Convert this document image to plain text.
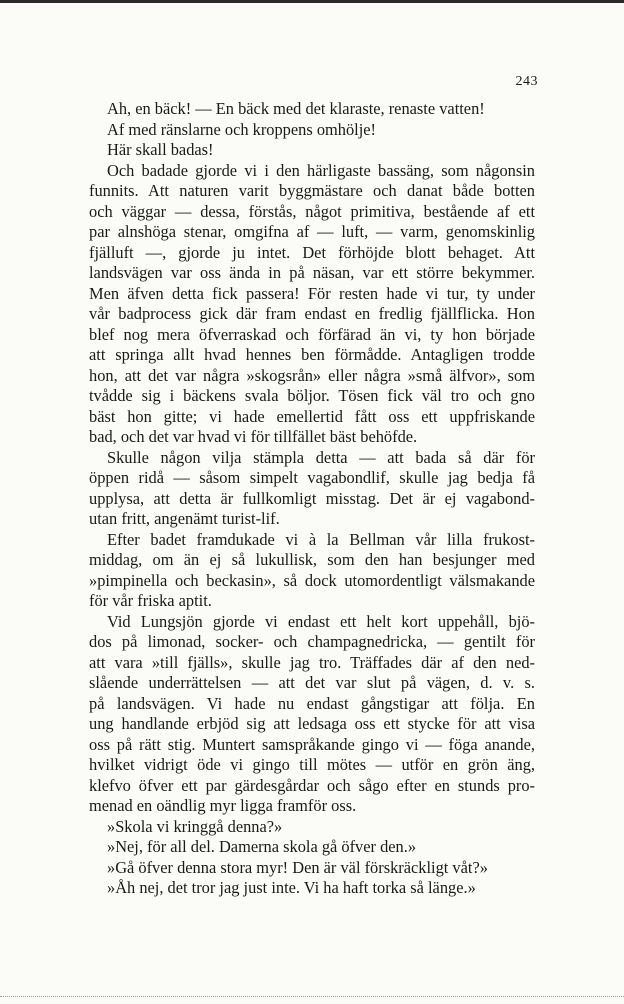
243
Ah, en bäck! — En bäck med det klaraste, renaste vatten!
Af med ränslarne och kroppens omhölje!
Här skall badas!
Och badade gjorde vi i den härligaste bassäng, som någonsin
funnits. Att naturen varit byggmästare och danat både botten
och väggar — dessa, förstås, något primitiva, bestående af ett
par alnshöga stenar, omgifna af — luft, — varm, genomskinlig
fjälluft —, gjorde ju intet. Det förhöjde blott behaget. Att
landsvägen var oss ända in på näsan, var ett större bekymmer.
Men äfven detta fick passera! För resten hade vi tur, ty under
vår badprocess gick där fram endast en fredlig fjällflicka. Hon
blef nog mera öfverraskad och förfärad än vi, ty hon började
att springa allt hvad hennes ben förmådde. Antagligen trodde
hon, att det var några »skogsrån» eller några »små älfvor», som
tvådde sig i bäckens svala böljor. Tösen fick väl tro och gno
bäst hon gitte; vi hade emellertid fått oss ett uppfriskande
bad, och det var hvad vi för tillfället bäst behöfde.
Skulle någon vilja stämpla detta — att bada så där för
öppen ridå — såsom simpelt vagabondlif, skulle jag bedja få
upplysa, att detta är fullkomligt misstag. Det är ej vagabond-
utan fritt, angenämt turist-lif.
Efter badet framdukade vi à la Bellman vår lilla frukost-
middag, om än ej så lukullisk, som den han besjunger med
»pimpinella och beckasin», så dock utomordentligt välsmakande
för vår friska aptit.
Vid Lungsjön gjorde vi endast ett helt kort uppehåll, bjö-
dos på limonad, socker- och champagnedricka, — gentilt för
att vara »till fjälls», skulle jag tro. Träffades där af den ned-
slående underrättelsen — att det var slut på vägen, d. v. s.
på landsvägen. Vi hade nu endast gångstigar att följa. En
ung handlande erbjöd sig att ledsaga oss ett stycke för att visa
oss på rätt stig. Muntert samspråkande gingo vi — föga anande,
hvilket vidrigt öde vi gingo till mötes — utför en grön äng,
klefvo öfver ett par gärdesgårdar och sågo efter en stunds pro-
menad en oändlig myr ligga framför oss.
»Skola vi kringgå denna?»
»Nej, för all del. Damerna skola gå öfver den.»
»Gå öfver denna stora myr! Den är väl förskräckligt våt?»
»Åh nej, det tror jag just inte. Vi ha haft torka så länge.»
